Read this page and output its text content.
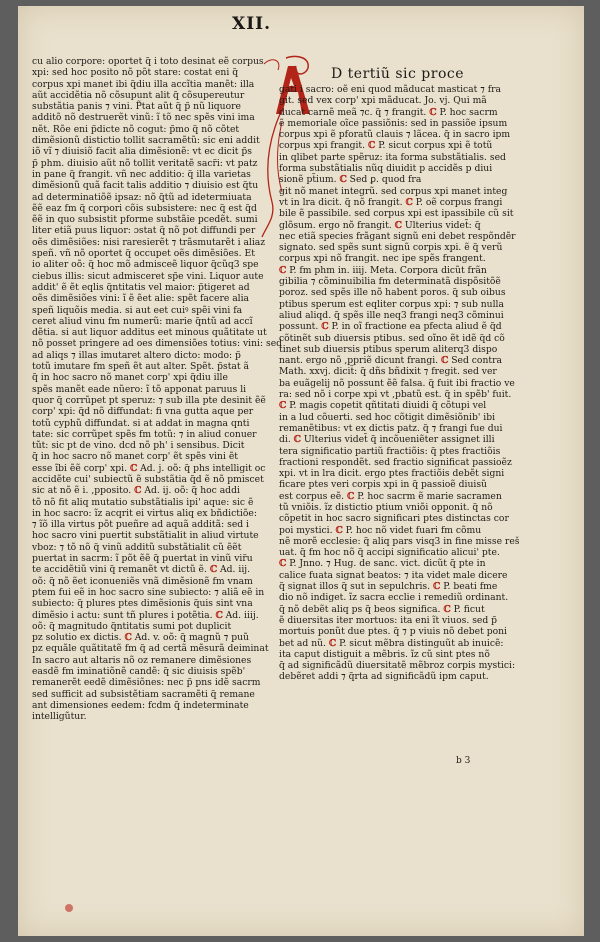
XII.
cu alio corpore: oportet q̃ i toto desinat eẽ corpus
xpi: sed hoc posito nõ põt stare: costat eni q̃
corpus xpi manet ibi q̃diu illa accĩtia manẽt: illa
aũt accidẽtia nõ cõsupunt alit q̃ cõsupereutur
substãtia panis ⁊ vini. P̃tat aũt q̃ p̃ nũ liquore
additõ nõ destruerẽt vinũ: ĩ tõ nec spẽs vini ima
nẽt. Rõe eni p̃dicte nõ cogut: p̃mo q̃ nõ cõtet
dimẽsionũ distictio tollit sacramẽtũ: sic eni addit
iõ vĩ ⁊ diuisiõ facit alia dimẽsionẽ: vt ec dicit p̃s
p̃ phm. diuisio aũt nõ tollit veritatẽ sacr̃i: vt patz
in pane q̃ frangit. vñ nec additio: q̃ illa varietas
dimẽsionũ quã facit talis additio ⁊ diuisio est q̃tu
ad determinatiõẽ ipsaz: nõ q̃tũ ad idetermiuata
ẽẽ eaz fm q̃ corpori cõis subsistere: nec q̃ est q̃d
ẽẽ in quo subsistit pforme substãie pcedẽt. sumi
liter etiã puus liquor: ɔstat q̃ nõ pot diffundi per
oẽs dimẽsiões: nisi raresierẽt ⁊ trãsmutarẽt i aliaz
speñ. vñ nõ oportet q̃ occupet oẽs dimẽsiões. Et
io aliter oõ: q̃ hoc mõ admisceẽ liquor q̃cũq3 spe
ciebus illis: sicut admisceret sp̃e vini. Liquor aute
addit' ẽ ẽt eqlis q̃ntitatis vel maior: p̃tigeret ad
oẽs dimẽsiões vini: ĩ ẽ ẽet alie: spẽt facere alia
speñ liquõis media. si aut eet cuiꝰ spẽi vini fa
ceret aliud vinu fm numerũ: marie q̃ntũ ad accĩ
dẽtia. si aut liquor additus eet minous quãtitate ut
nõ posset pringere ad oes dimensiões totius: vini: sed
ad aliqs ⁊ illas imutaret altero dicto: modo: p̃
totũ imutare fm speñ ẽt aut alter. Spẽt. p̃stat ã
q̃ in hoc sacro nõ manet corp' xpi q̃diu ille
spẽs manẽt eade nũero: ĩ tõ apponat paruus li
quor q̃ corrũpet pt speruz: ⁊ sub illa pte desinit ẽẽ
corp' xpi: q̃d nõ diffundat: fi vna gutta aque per
totũ cyphũ diffundat. si at addat in magna qnti
tate: sic corrũpet spẽs fm totũ: ⁊ in aliud conuer
tũt: sic pt de vino. dcd nõ ph' i sensibus. Dicit
q̃ in hoc sacro nõ manet corp' ẽt spẽs vini ẽt
esse ĩbi ẽẽ corp' xpi. ℂ Ad. j. oõ: q̃ phs intelligit oc
accidẽte cui' subiectũ ẽ substãtia q̃d ẽ nõ pmiscet
sic at nõ ẽ i. ,pposito. ℂ Ad. ij. oõ: q̃ hoc addi
tõ nõ fit aliq mutatio substãtialis ipi' aque: sic ẽ
in hoc sacro: ĩz acqrit ei virtus aliq ex bñdictiõe:
⁊ ĩõ illa virtus põt pueñre ad aquã additã: sed i
hoc sacro vini puertit substãtialit in aliud virtute
vboz: ⁊ tõ nõ q̃ vinũ additũ substãtialit cũ ẽẽt
puertat in sacrm: ĩ põt ẽẽ q̃ puertat in vinũ vir̃u
te accidẽtiũ vini q̃ remanẽt vt dictũ ẽ. ℂ Ad. iij.
oõ: q̃ nõ ẽet iconueniẽs vnã dimẽsionẽ fm vnam
ptem fui eẽ in hoc sacro sine subiecto: ⁊ aliã eẽ in
subiecto: q̃ plures ptes dimẽsionis q̃uis sint vna
dimẽsio i actu: sunt tñ plures i potẽtia. ℂ Ad. iiij.
oõ: q̃ magnitudo q̃ntitatis sumi pot duplicit
pz solutio ex dictis. ℂ Ad. v. oõ: q̃ magnũ ⁊ puũ
pz equãle quãtitatẽ fm q̃ ad certã mẽsurã deiminat
In sacro aut altaris nõ oz remanere dimẽsiones
easdẽ fm iminatiõnẽ candẽ: q̃ sic diuisis spẽb'
remanerẽt eedẽ dimẽsiõnes: nec p̃ pns idẽ sacrm
sed sufficit ad subsistẽtiam sacramẽti q̃ remane
ant dimensiones eedem: fcdm q̃ indeterminate
intelligũtur.
D tertiũ sic proce
gati i sacro: oẽ eni quod mãducat masticat ⁊ fra
git. sed vex corp' xpi mãducat. Jo. vj. Qui mã
ducat carnẽ meã ⁊c. q̃ ⁊ frangit. ℂ P. hoc sacrm
ẽ memoriale oĩce passiõnis: sed in passiõe ipsum
corpus xpi ẽ pforatũ clauis ⁊ lãcea. q̃ in sacro ipm
corpus xpi frangit. ℂ P. sicut corpus xpi ẽ totũ
in qlibet parte spẽruz: ita forma substãtialis. sed
forma substãtialis nũq diuidit p accidẽs p diui
sionẽ pt̃ium. ℂ Sed ꝑ. quod fra
git nõ manet integrũ. sed corpus xpi manet integ
vt in lra dicit. q̃ nõ frangit. ℂ P. oẽ corpus frangi
bile ẽ passibile. sed corpus xpi est ipassibile cũ sit
glõsum. ergo nõ frangit. ℂ Ulterius videt̃: q̃
nec etiã species frãgant signũ eni debet respõndẽr
signato. sed spẽs sunt signũ corpis xpi. ẽ q̃ verũ
corpus xpi nõ frangit. nec ipe spẽs frangent.
ℂ P. fm phm in. iiij. Meta. Corpora dicũt frãn
gibilia ⁊ cõminuibilia fm determinatã dispõsitõẽ
poroz. sed spẽs ille nõ habent poros. q̃ sub oibus
ptibus sperum est eqliter corpus xpi: ⁊ sub nulla
aliud aliqd. q̃ spẽs ille neq3 frangi neq3 cõminui
possunt. ℂ P. in oĩ fractione ea pfecta aliud ẽ q̃d
cõtinẽt sub diuersis ptibus. sed oĩno ẽt idẽ q̃d cõ
tinet sub diuersis ptibus sperum aliterq3 dispo
nant. ergo nõ ,ppriẽ dicunt frangi. ℂ Sed contra
Math. xxvj. dicit̃: q̃ dñs bñdixit ⁊ fregit. sed ver
ba euãgelij nõ possunt ẽẽ falsa. q̃ fuit ibi fractio ve
ra: sed nõ i corpe xpi vt ,pbatũ est. q̃ in spẽb' fuit.
ℂ P. magis copetit qñtitati diuidi q̃ cõtupi vel
in a lud cõuerti. sed hoc cõtigit dimẽsiõnib' ibi
remanẽtibus: vt ex dictis patz. q̃ ⁊ frangi fue dui
di. ℂ Ulterius videt̃ q̃ incõueniẽter assignet illi
tera significatio partiũ fractiõis: q̃ ptes fractiõis
fractioni respondẽt. sed fractio significat passioẽz
xpi. vt in lra dicit. ergo ptes fractiõis debẽt signi
ficare ptes veri corpis xpi in q̃ passioẽ diuisũ
est corpus eẽ. ℂ P. hoc sacrm ẽ marie sacramen
tũ vniõis. ĩz distictio ptium vniõi opponit. q̃ nõ
cõpetit in hoc sacro significari ptes distinctas cor
poi mystici. ℂ P. hoc nõ videt fuari fm cõmu
nẽ morẽ ecclesie: q̃ aliq pars visq3 in fine misse reš
uat. q̃ fm hoc nõ q̃ accipi significatio alicui' pte.
ℂ P. Jnno. ⁊ Hug. de sanc. vict. dicũt q̃ pte in
calice fuata signat beatos: ⁊ ita videt male dicere
q̃ signat illos q̃ sut in sepulchris. ℂ P. beati fme
dio nõ indiget. ĩz sacra ecclie i remediũ ordinant.
q̃ nõ debẽt aliq ps q̃ beos significa. ℂ P. ficut
ẽ diuersitas iter mortuos: ita eni ĩt viuos. sed p̃
mortuis ponũt due ptes. q̃ ⁊ p viuis nõ debet poni
bet ad nũ. ℂ P. sicut mẽbra distinguũt ab inuicẽ:
ita caput distiguit a mẽbris. ĩz cũ sint ptes nõ
q̃ ad significãdũ diuersitatẽ mẽbroz corpis mystici:
debẽret addi ⁊ q̃rta ad significãdũ ipm caput.
b 3
